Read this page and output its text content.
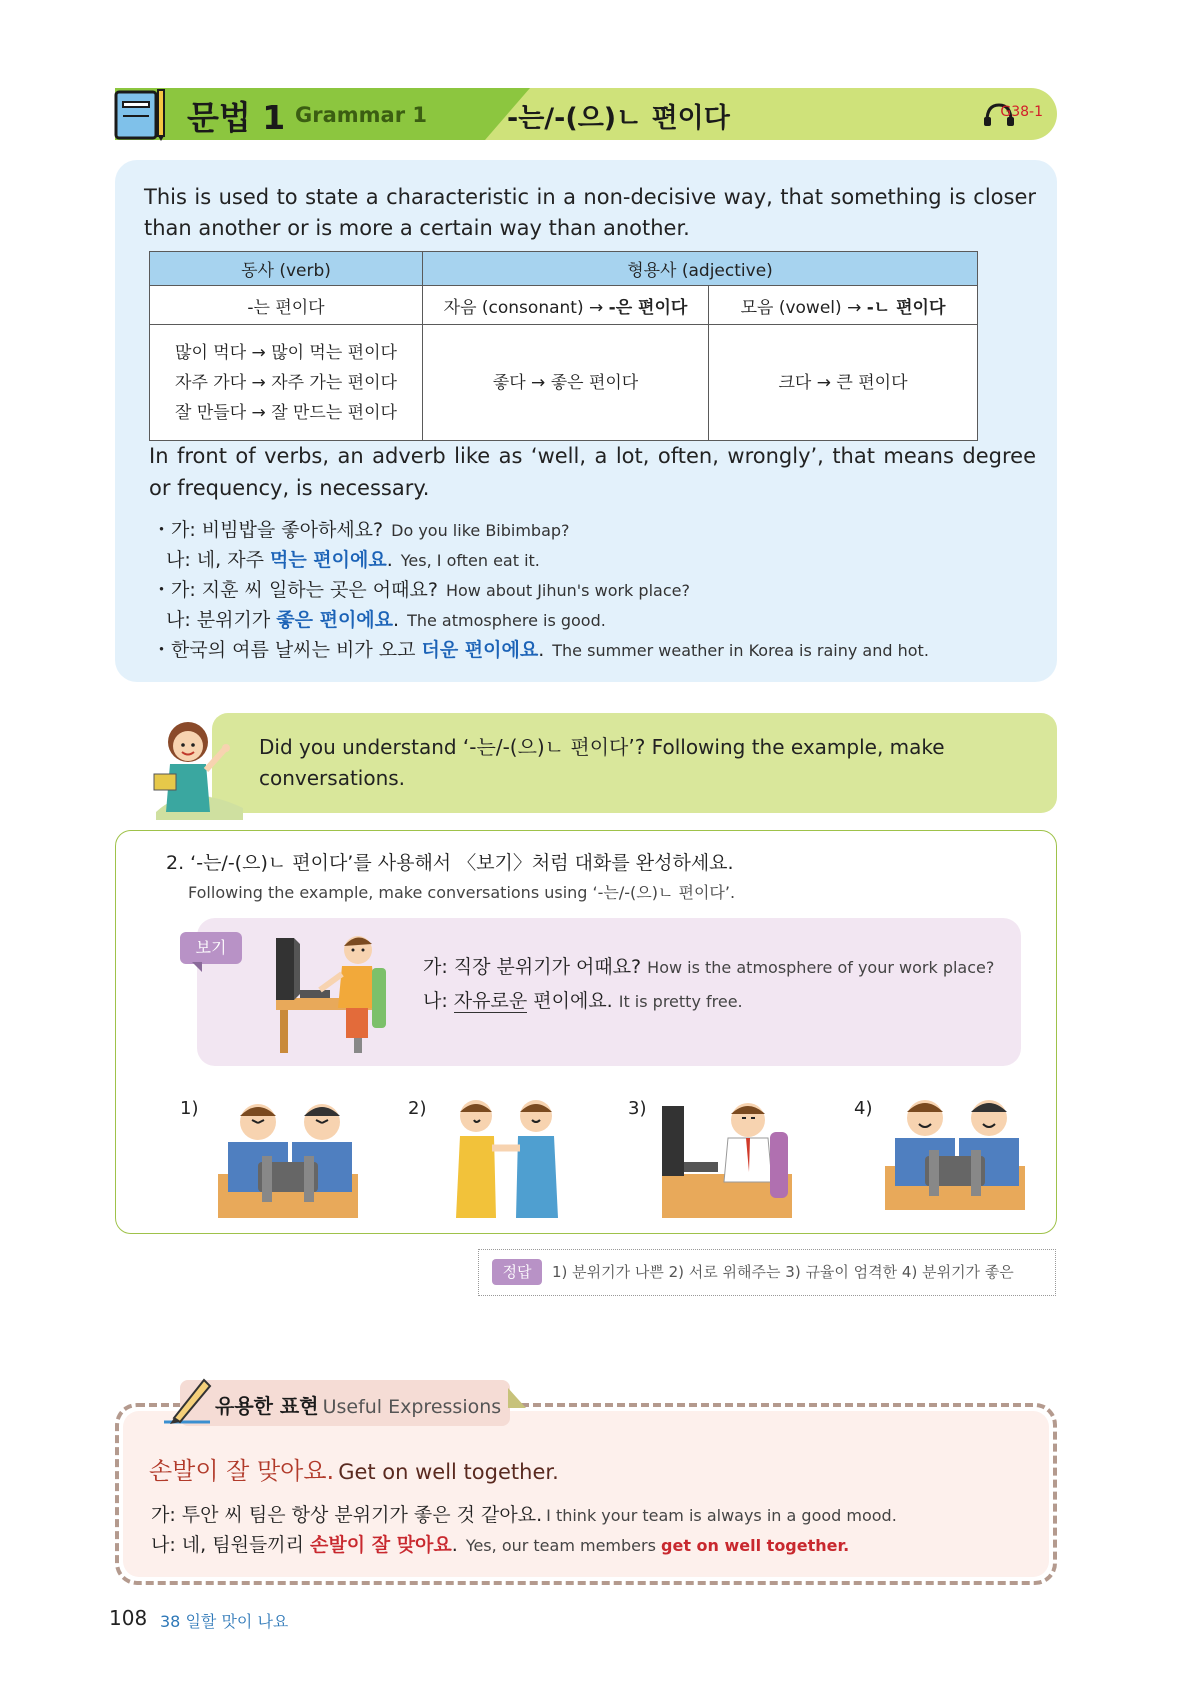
문법 1 Grammar 1	-는/-(으)ㄴ 편이다	G38-1
This is used to state a characteristic in a non-decisive way, that something is closer than another or is more a certain way than another.
동사 (verb)	형용사 (adjective)	
-는 편이다	자음 (consonant) → -은 편이다	모음 (vowel) → -ㄴ 편이다

많이 먹다 → 많이 먹는 편이다
자주 가다 → 자주 가는 편이다
잘 만들다 → 잘 만드는 편이다	좋다 → 좋은 편이다	크다 → 큰 편이다
In front of verbs, an adverb like as ‘well, a lot, often, wrongly’, that means degree or frequency, is necessary.
・가: 비빔밥을 좋아하세요? Do you like Bibimbap?
나: 네, 자주 먹는 편이에요. Yes, I often eat it.
・가: 지훈 씨 일하는 곳은 어때요? How about Jihun's work place?
나: 분위기가 좋은 편이에요. The atmosphere is good.
・한국의 여름 날씨는 비가 오고 더운 편이에요. The summer weather in Korea is rainy and hot.
Did you understand ‘-는/-(으)ㄴ 편이다’? Following the example, make conversations.
2. ‘-는/-(으)ㄴ 편이다’를 사용해서 〈보기〉처럼 대화를 완성하세요.
Following the example, make conversations using ‘-는/-(으)ㄴ 편이다’.
보기
가: 직장 분위기가 어때요? How is the atmosphere of your work place?
나: 자유로운 편이에요. It is pretty free.
1)	2)	3)	4)
정답	1) 분위기가 나쁜 2) 서로 위해주는 3) 규율이 엄격한 4) 분위기가 좋은
유용한 표현 Useful Expressions
손발이 잘 맞아요. Get on well together.
가: 투안 씨 팀은 항상 분위기가 좋은 것 같아요. I think your team is always in a good mood.
나: 네, 팀원들끼리 손발이 잘 맞아요. Yes, our team members get on well together.
108 38 일할 맛이 나요
